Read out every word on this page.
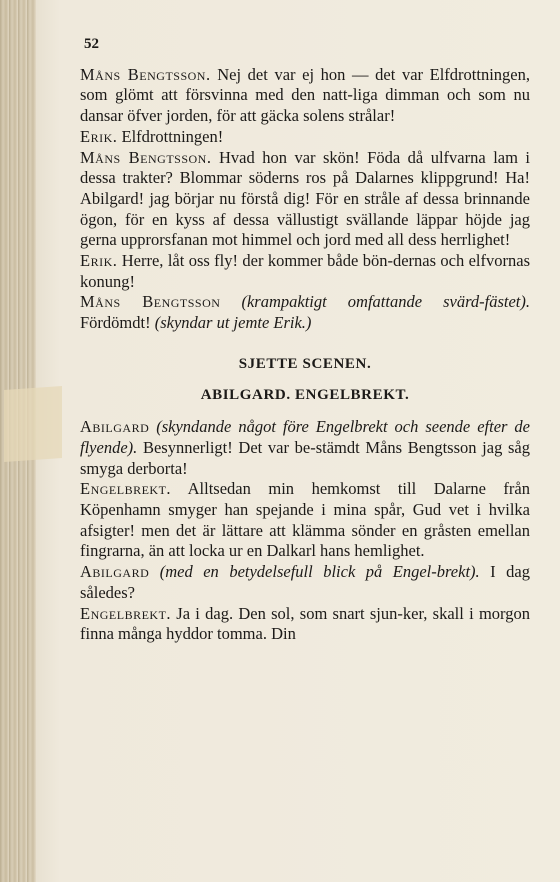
52

Måns Bengtsson. Nej det var ej hon — det var Elfdrottningen, som glömt att försvinna med den natt-liga dimman och som nu dansar öfver jorden, för att gäcka solens strålar!

Erik. Elfdrottningen!

Måns Bengtsson. Hvad hon var skön! Föda då ulfvarna lam i dessa trakter? Blommar söderns ros på Dalarnes klippgrund! Ha! Abilgard! jag börjar nu förstå dig! För en stråle af dessa brinnande ögon, för en kyss af dessa vällustigt svällande läppar höjde jag gerna upprorsfanan mot himmel och jord med all dess herrlighet!

Erik. Herre, låt oss fly! der kommer både bön-dernas och elfvornas konung!

Måns Bengtsson (krampaktigt omfattande svärd-fästet). Fördömdt! (skyndar ut jemte Erik.)

SJETTE SCENEN.

ABILGARD. ENGELBREKT.

Abilgard (skyndande något före Engelbrekt och seende efter de flyende). Besynnerligt! Det var be-stämdt Måns Bengtsson jag såg smyga derborta!

Engelbrekt. Alltsedan min hemkomst till Dalarne från Köpenhamn smyger han spejande i mina spår, Gud vet i hvilka afsigter! men det är lättare att klämma sönder en gråsten emellan fingrarna, än att locka ur en Dalkarl hans hemlighet.

Abilgard (med en betydelsefull blick på Engel-brekt). I dag således?

Engelbrekt. Ja i dag. Den sol, som snart sjun-ker, skall i morgon finna många hyddor tomma. Din
